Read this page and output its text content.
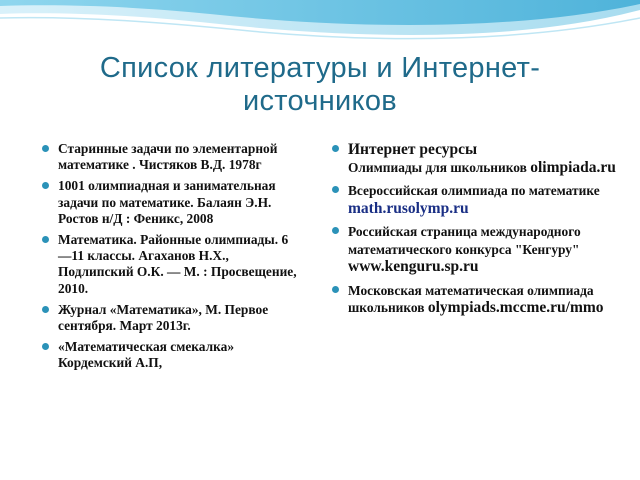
Список литературы и Интернет-источников
Старинные задачи по элементарной математике . Чистяков В.Д. 1978г
1001 олимпиадная и занимательная задачи по математике. Балаян Э.Н. Ростов н/Д : Феникс, 2008
Математика. Районные олимпиады. 6—11 классы. Агаханов Н.Х., Подлипский О.К. — М. : Просвещение, 2010.
Журнал «Математика», М. Первое сентября. Март 2013г.
«Математическая смекалка» Кордемский А.П,
Интернет ресурсы
Олимпиады для школьников olimpiada.ru
Всероссийская олимпиада по математике math.rusolymp.ru
Российская страница международного математического конкурса "Кенгуру" www.kenguru.sp.ru
Московская математическая олимпиада школьников olympiads.mccme.ru/mmo
